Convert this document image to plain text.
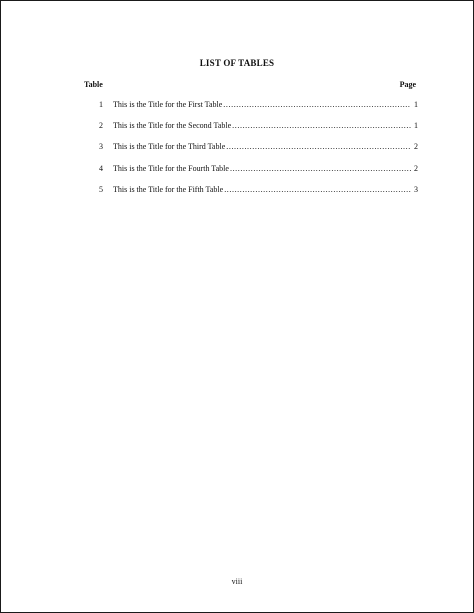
LIST OF TABLES
Table	Page
1	This is the Title for the First Table .....	1
2	This is the Title for the Second Table .....	1
3	This is the Title for the Third Table .....	2
4	This is the Title for the Fourth Table .....	2
5	This is the Title for the Fifth Table .....	3
viii
